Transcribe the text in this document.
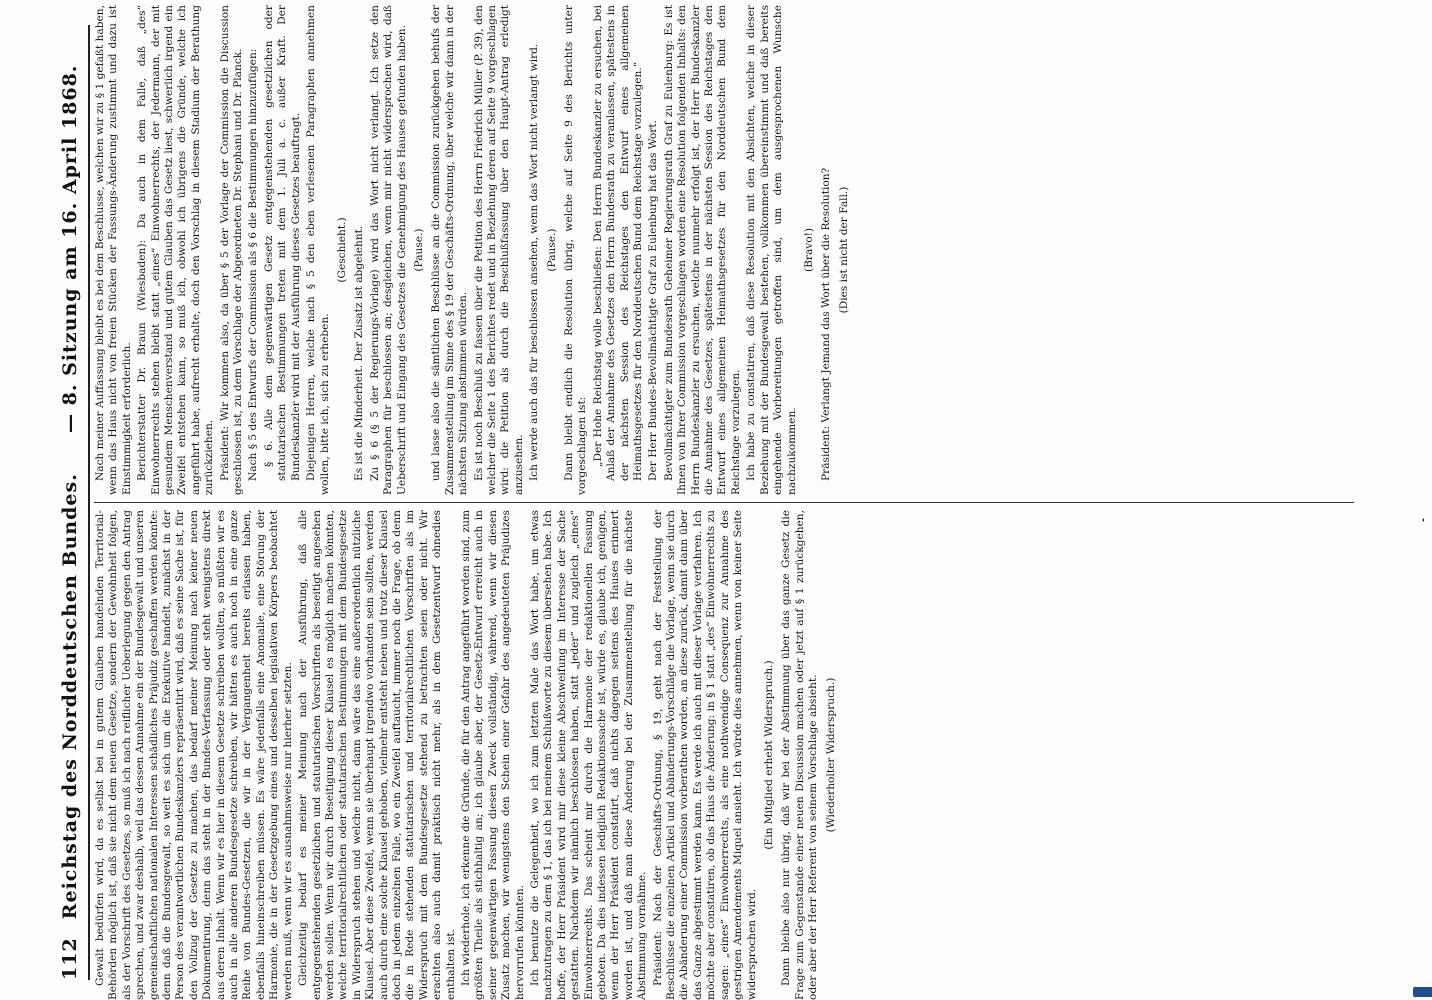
112
Reichstag des Norddeutschen Bundes.
— 8. Sitzung am 16. April 1868.

Gewalt bedürfen wird, da es selbst bei in gutem Glauben handelnden Territorial-Behörden möglich ist, daß sie nicht dem neuen Gesetze, sondern der Gewohnheit folgen, als der Vorschrift des Gesetzes, so muß ich nach reiflicher Ueberlegung gegen den Antrag sprechen, und zwar deshalb, weil das dessen Annahme ein der Bundesgewalt und unseren gemeinschaftlichen nationalen Interessen schädliches Präjudiz geschaffen werden könnte: denn daß die Bundesgewalt, so weit es sich um die Exekutive handelt, zunächst in der Person des verantwortlichen Bundeskanzlers repräsentirt wird, daß es seine Sache ist, für den Vollzug der Gesetze zu machen, das bedarf meiner Meinung nach keiner neuen Dokumentirung, denn das steht in der Bundes-Verfassung oder steht wenigstens direkt aus deren Inhalt. Wenn wir es hier in diesem Gesetze schreiben wollten, so müßten wir es auch in alle anderen Bundesgesetze schreiben, wir hätten es auch noch in eine ganze Reihe von Bundes-Gesetzen, die wir in der Vergangenheit bereits erlassen haben, ebenfalls hineinschreiben müssen. Es wäre jedenfalls eine Anomalie, eine Störung der Harmonie, die in der Gesetzgebung eines und desselben legislativen Körpers beobachtet werden muß, wenn wir es ausnahmsweise nur hierher setzten. Gleichzeitig bedarf es meiner Meinung nach der Ausführung, daß alle entgegenstehenden gesetzlichen und statutarischen Vorschriften als beseitigt angesehen werden sollen. Wenn wir durch Beseitigung dieser Klausel es möglich machen könnten, welche territorialrechtlichen oder statutarischen Bestimmungen mit dem Bundesgesetze in Widerspruch stehen und welche nicht, dann wäre das eine außerordentlich nützliche Klausel. Aber diese Zweifel, wenn sie überhaupt irgendwo vorhanden sein sollten, werden auch durch eine solche Klausel gehoben, vielmehr entsteht neben und trotz dieser Klausel doch in jedem einzelnen Falle, wo ein Zweifel auftaucht, immer noch die Frage, ob denn die in Rede stehenden statutarischen und territorialrechtlichen Vorschriften als im Widerspruch mit dem Bundesgesetze stehend zu betrachten seien oder nicht. Wir erachten also auch damit praktisch nicht mehr, als in dem Gesetzentwurf ohnedies enthalten ist. Ich wiederhole, ich erkenne die Gründe, die für den Antrag angeführt worden sind, zum größten Theile als stichhaltig an; ich glaube aber, der Gesetz-Entwurf erreicht auch in seiner gegenwärtigen Fassung diesen Zweck vollständig, während, wenn wir diesen Zusatz machen, wir wenigstens den Schein einer Gefahr des angedeuteten Präjudizes hervorrufen könnten. Ich benutze die Gelegenheit, wo ich zum letzten Male das Wort habe, um etwas nachzutragen zu dem § 1, das ich bei meinem Schlußworte zu diesem übersehen habe. Ich hoffe, der Herr Präsident wird mir diese kleine Abschweifung im Interesse der Sache gestatten. Nachdem wir nämlich beschlossen haben, statt „jeder“ und zugleich „eines“ Einwohnerrechts. Das scheint mir durch die Harmonie der redaktionellen Fassung geboten. Da dies indessen lediglich Redaktionssache ist, würde es, glaube ich, genügen, wenn der Herr Präsident constatirt, daß nichts dagegen seitens des Hauses erinnert worden ist, und daß man diese Änderung bei der Zusammenstellung für die nächste Abstimmung vornähme. Präsident: Nach der Geschäfts-Ordnung, § 19, geht nach der Feststellung der Beschlüsse die einzelnen Artikel und Abänderungs-Vorschläge die Vorlage, wenn sie durch die Abänderung einer Commission vorberathen worden, an diese zurück, damit dann über das Ganze abgestimmt werden kann. Es werde ich auch mit dieser Vorlage verfahren. Ich möchte aber constatiren, ob das Haus die Änderung: in § 1 statt „des“ Einwohnerrechts zu sagen: „eines“ Einwohnerrechts, als eine nothwendige Consequenz zur Annahme des gestrigen Amendements Miquel ansieht. Ich würde dies annehmen, wenn von keiner Seite widersprochen wird.

(Ein Mitglied erhebt Widerspruch.) Dann bleibe also nur übrig, daß wir bei der Abstimmung über das ganze Gesetz die Frage zum Gegenstande einer neuen Discussion machen oder jetzt auf § 1 zurückgehen, oder aber der Herr Referent von seinem Vorschlage absieht. (Wiederholter Widerspruch.)

Nach meiner Auffassung bleibt es bei dem Beschlusse, welchen wir zu § 1 gefaßt haben, wenn das Haus nicht von freien Stücken der Fassungs-Änderung zustimmt und dazu ist Einstimmigkeit erforderlich. Berichterstatter Dr. Braun (Wiesbaden): Da auch in dem Falle, daß „des“ Einwohnerrechts stehen bleibt statt „eines“ Einwohnerrechts, der Jedermann, der mit gesundem Menschenverstand und gutem Glauben das Gesetz liest, schwerlich irgend ein Zweifel entstehen kann, so muß ich, obwohl ich übrigens die Gründe, welche ich angeführt habe, aufrecht erhalte, doch den Vorschlag in diesem Stadium der Berathung zurückziehen. Präsident: Wir kommen also, da über § 5 der Vorlage der Commission die Discussion geschlossen ist, zu dem Vorschlage der Abgeordneten Dr. Stephani und Dr. Planck. Nach § 5 des Entwurfs der Commission als § 6 die Bestimmungen hinzuzufügen: § 6. Alle dem gegenwärtigen Gesetz entgegenstehenden gesetzlichen oder statutarischen Bestimmungen treten mit dem 1. Juli a. c. außer Kraft. Der Bundeskanzler wird mit der Ausführung dieses Gesetzes beauftragt. Diejenigen Herren, welche nach § 5 den eben verlesenen Paragraphen annehmen wollen, bitte ich, sich zu erheben.

(Geschieht.) Es ist die Minderheit. Der Zusatz ist abgelehnt. Zu § 6 (§ 5 der Regierungs-Vorlage) wird das Wort nicht verlangt. Ich setze den Paragraphen für beschlossen an; desgleichen, wenn mir nicht widersprochen wird, daß Ueberschrift und Eingang des Gesetzes die Genehmigung des Hauses gefunden haben. (Pause.) und lasse also die sämtlichen Beschlüsse an die Commission zurückgehen behufs der Zusammenstellung im Sinne des § 19 der Geschäfts-Ordnung, über welche wir dann in der nächsten Sitzung abstimmen würden. Es ist noch Beschluß zu fassen über die Petition des Herrn Friedrich Müller (P. 39), den welcher die Seite 1 des Berichtes redet und in Beziehung deren auf Seite 9 vorgeschlagen wird: die Petition als durch die Beschlußfassung über den Haupt-Antrag erledigt anzusehen. Ich werde auch das für beschlossen ansehen, wenn das Wort nicht verlangt wird. (Pause.) Dann bleibt endlich die Resolution übrig, welche auf Seite 9 des Berichts unter vorgeschlagen ist: „Der Hohe Reichstag wolle beschließen: Den Herrn Bundeskanzler zu ersuchen, bei Anlaß der Annahme des Gesetzes den Herrn Bundesrath zu veranlassen, spätestens in der nächsten Session des Reichstages den Entwurf eines allgemeinen Heimathsgesetzes für den Norddeutschen Bund dem Reichstage vorzulegen.“ Der Herr Bundes-Bevollmächtigte Graf zu Eulenburg hat das Wort. Bevollmächtigter zum Bundesrath Geheimer Regierungsrath Graf zu Eulenburg: Es ist Ihnen von Ihrer Commission vorgeschlagen worden eine Resolution folgenden Inhalts: den Herrn Bundeskanzler zu ersuchen, welche nunmehr erfolgt ist, der Herr Bundeskanzler die Annahme des Gesetzes, spätestens in der nächsten Session des Reichstages den Entwurf eines allgemeinen Heimathsgesetzes für den Norddeutschen Bund dem Reichstage vorzulegen. Ich habe zu constatiren, daß diese Resolution mit den Absichten, welche in dieser Beziehung mit der Bundesgewalt bestehen, vollkommen übereinstimmt und daß bereits eingehende Vorbereitungen getroffen sind, um dem ausgesprochenen Wunsche nachzukommen.

(Bravo!) Präsident: Verlangt Jemand das Wort über die Resolution? (Dies ist nicht der Fall.)

-
